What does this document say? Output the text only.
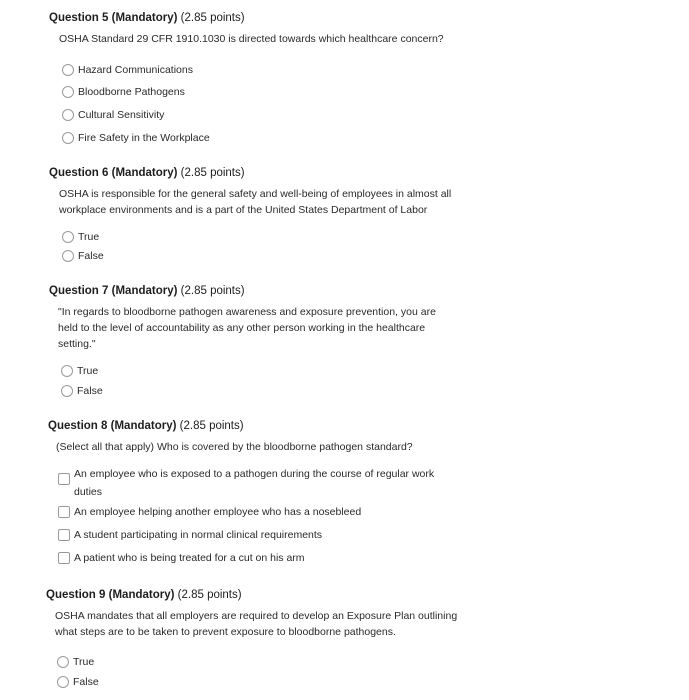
Question 5 (Mandatory) (2.85 points)
OSHA Standard 29 CFR 1910.1030 is directed towards which healthcare concern?
Hazard Communications
Bloodborne Pathogens
Cultural Sensitivity
Fire Safety in the Workplace
Question 6 (Mandatory) (2.85 points)
OSHA is responsible for the general safety and well-being of employees in almost all workplace environments and is a part of the United States Department of Labor
True
False
Question 7 (Mandatory) (2.85 points)
"In regards to bloodborne pathogen awareness and exposure prevention, you are held to the level of accountability as any other person working in the healthcare setting."
True
False
Question 8 (Mandatory) (2.85 points)
(Select all that apply) Who is covered by the bloodborne pathogen standard?
An employee who is exposed to a pathogen during the course of regular work duties
An employee helping another employee who has a nosebleed
A student participating in normal clinical requirements
A patient who is being treated for a cut on his arm
Question 9 (Mandatory) (2.85 points)
OSHA mandates that all employers are required to develop an Exposure Plan outlining what steps are to be taken to prevent exposure to bloodborne pathogens.
True
False
